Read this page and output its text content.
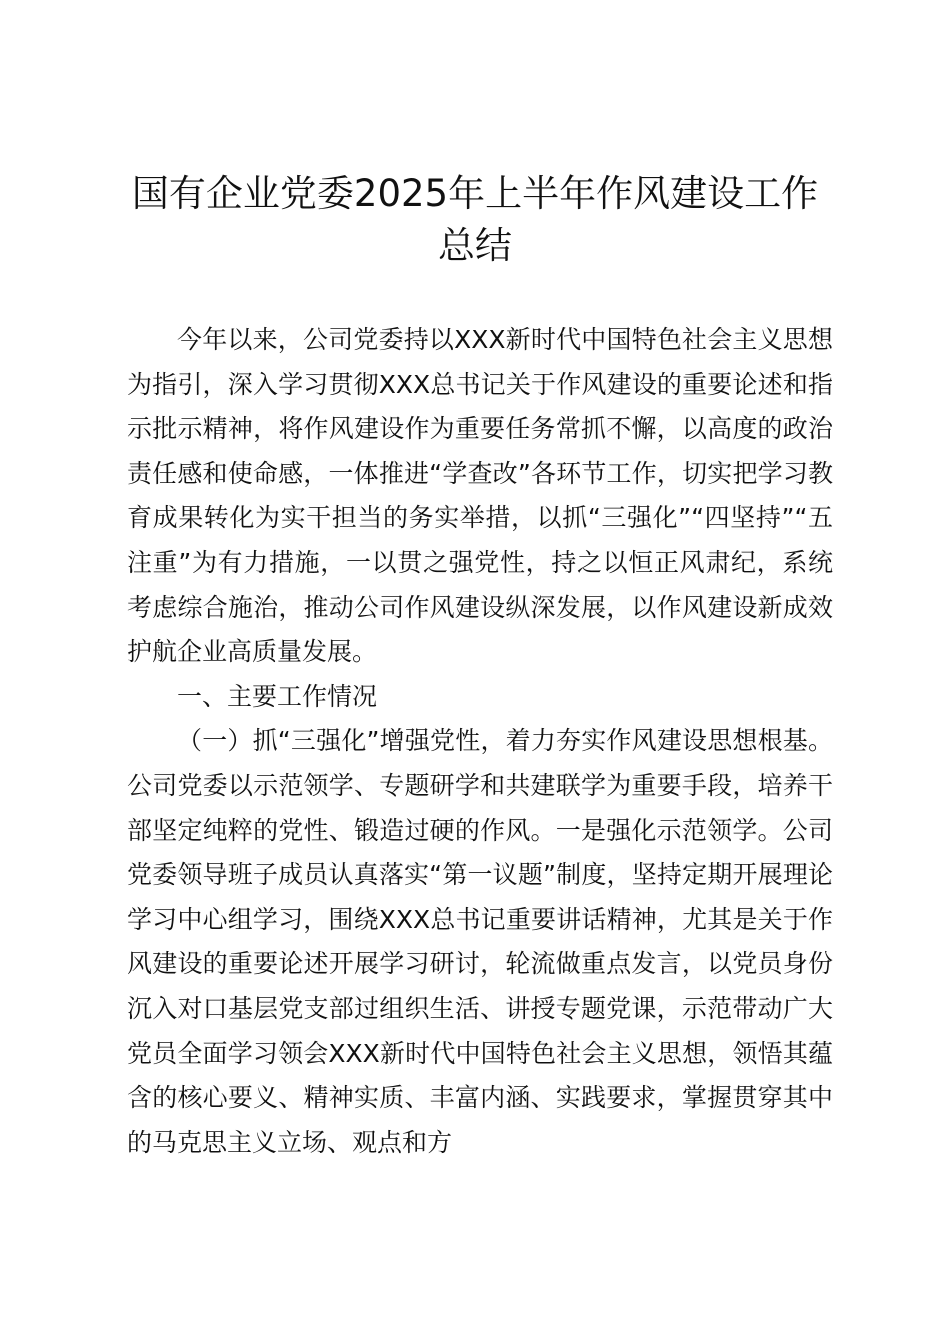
国有企业党委2025年上半年作风建设工作总结

今年以来，公司党委持以XXX新时代中国特色社会主义思想为指引，深入学习贯彻XXX总书记关于作风建设的重要论述和指示批示精神，将作风建设作为重要任务常抓不懈，以高度的政治责任感和使命感，一体推进“学查改”各环节工作，切实把学习教育成果转化为实干担当的务实举措，以抓“三强化”“四坚持”“五注重”为有力措施，一以贯之强党性，持之以恒正风肃纪，系统考虑综合施治，推动公司作风建设纵深发展，以作风建设新成效护航企业高质量发展。

一、主要工作情况

（一）抓“三强化”增强党性，着力夯实作风建设思想根基。公司党委以示范领学、专题研学和共建联学为重要手段，培养干部坚定纯粹的党性、锻造过硬的作风。一是强化示范领学。公司党委领导班子成员认真落实“第一议题”制度，坚持定期开展理论学习中心组学习，围绕XXX总书记重要讲话精神，尤其是关于作风建设的重要论述开展学习研讨，轮流做重点发言，以党员身份沉入对口基层党支部过组织生活、讲授专题党课，示范带动广大党员全面学习领会XXX新时代中国特色社会主义思想，领悟其蕴含的核心要义、精神实质、丰富内涵、实践要求，掌握贯穿其中的马克思主义立场、观点和方
